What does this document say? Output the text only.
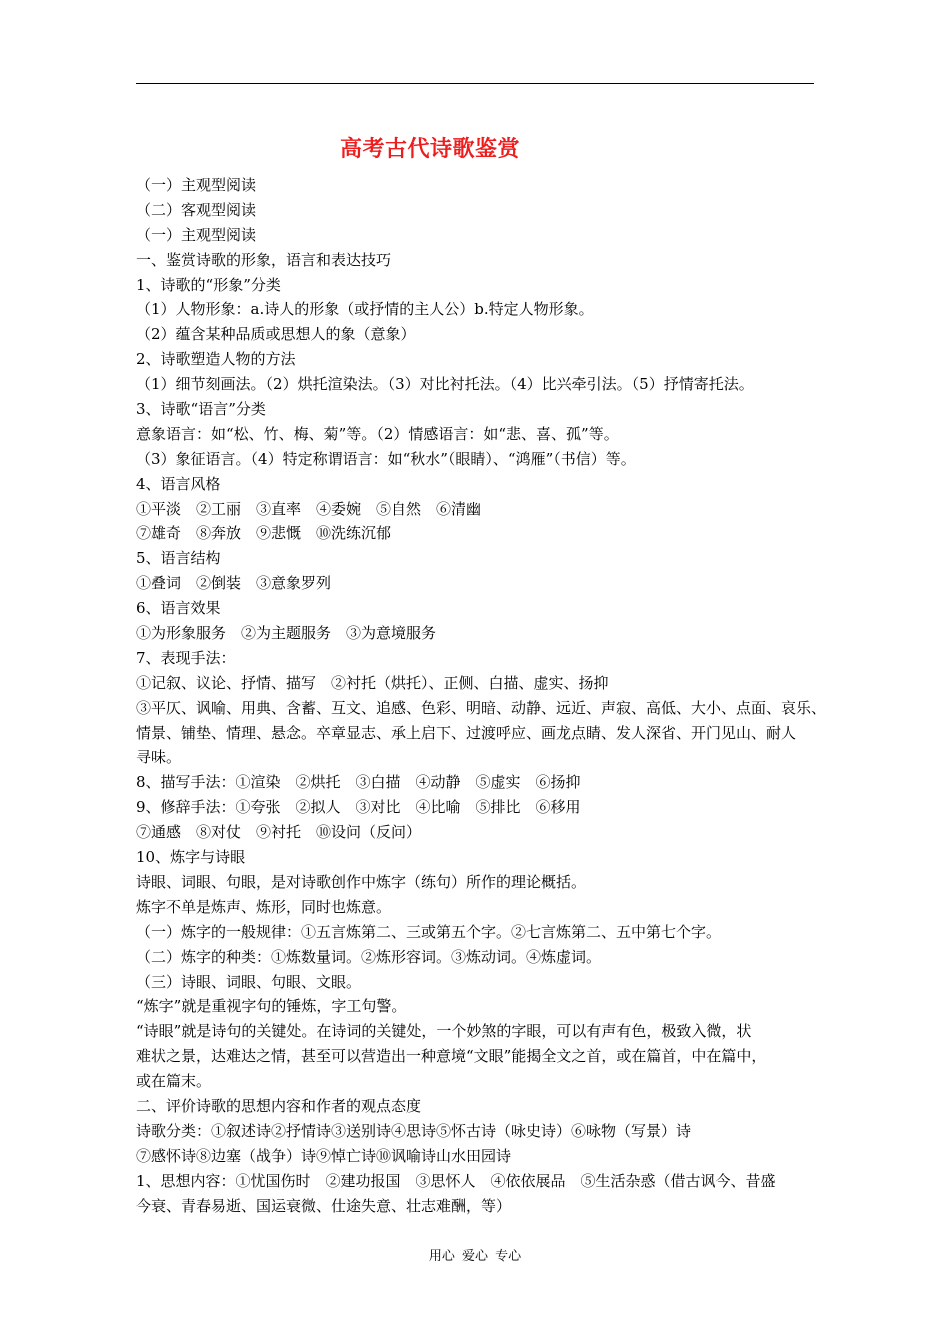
高考古代诗歌鉴赏
（一）主观型阅读
（二）客观型阅读
（一）主观型阅读
一、鉴赏诗歌的形象，语言和表达技巧
1、诗歌的“形象”分类
（1）人物形象：a.诗人的形象（或抒情的主人公）b.特定人物形象。
（2）蕴含某种品质或思想人的象（意象）
2、诗歌塑造人物的方法
（1）细节刻画法。（2）烘托渲染法。（3）对比衬托法。（4）比兴牵引法。（5）抒情寄托法。
3、诗歌“语言”分类
意象语言：如“松、竹、梅、菊”等。（2）情感语言：如“悲、喜、孤”等。
（3）象征语言。（4）特定称谓语言：如“秋水”（眼睛）、“鸿雁”（书信）等。
4、语言风格
①平淡　②工丽　③直率　④委婉　⑤自然　⑥清幽
⑦雄奇　⑧奔放　⑨悲慨　⑩洗练沉郁
5、语言结构
①叠词　②倒装　③意象罗列
6、语言效果
①为形象服务　②为主题服务　③为意境服务
7、表现手法：
①记叙、议论、抒情、描写　②衬托（烘托）、正侧、白描、虚实、扬抑
③平仄、讽喻、用典、含蓄、互文、追感、色彩、明暗、动静、远近、声寂、高低、大小、点面、哀乐、
情景、铺垫、情理、悬念。卒章显志、承上启下、过渡呼应、画龙点睛、发人深省、开门见山、耐人
寻味。
8、描写手法：①渲染　②烘托　③白描　④动静　⑤虚实　⑥扬抑
9、修辞手法：①夸张　②拟人　③对比　④比喻　⑤排比　⑥移用
⑦通感　⑧对仗　⑨衬托　⑩设问（反问）
10、炼字与诗眼
诗眼、词眼、句眼，是对诗歌创作中炼字（练句）所作的理论概括。
炼字不单是炼声、炼形，同时也炼意。
（一）炼字的一般规律：①五言炼第二、三或第五个字。②七言炼第二、五中第七个字。
（二）炼字的种类：①炼数量词。②炼形容词。③炼动词。④炼虚词。
（三）诗眼、词眼、句眼、文眼。
“炼字”就是重视字句的锤炼，字工句警。
“诗眼”就是诗句的关键处。在诗词的关键处，一个妙煞的字眼，可以有声有色，极致入微，状
难状之景，达难达之情，甚至可以营造出一种意境“文眼”能揭全文之首，或在篇首，中在篇中，
或在篇末。
二、评价诗歌的思想内容和作者的观点态度
诗歌分类：①叙述诗②抒情诗③送别诗④思诗⑤怀古诗（咏史诗）⑥咏物（写景）诗
⑦感怀诗⑧边塞（战争）诗⑨悼亡诗⑩讽喻诗山水田园诗
1、思想内容：①忧国伤时　②建功报国　③思怀人　④依依展品　⑤生活杂惑（借古讽今、昔盛
今衰、青春易逝、国运衰微、仕途失意、壮志难酬，等）
用心 爱心 专心
